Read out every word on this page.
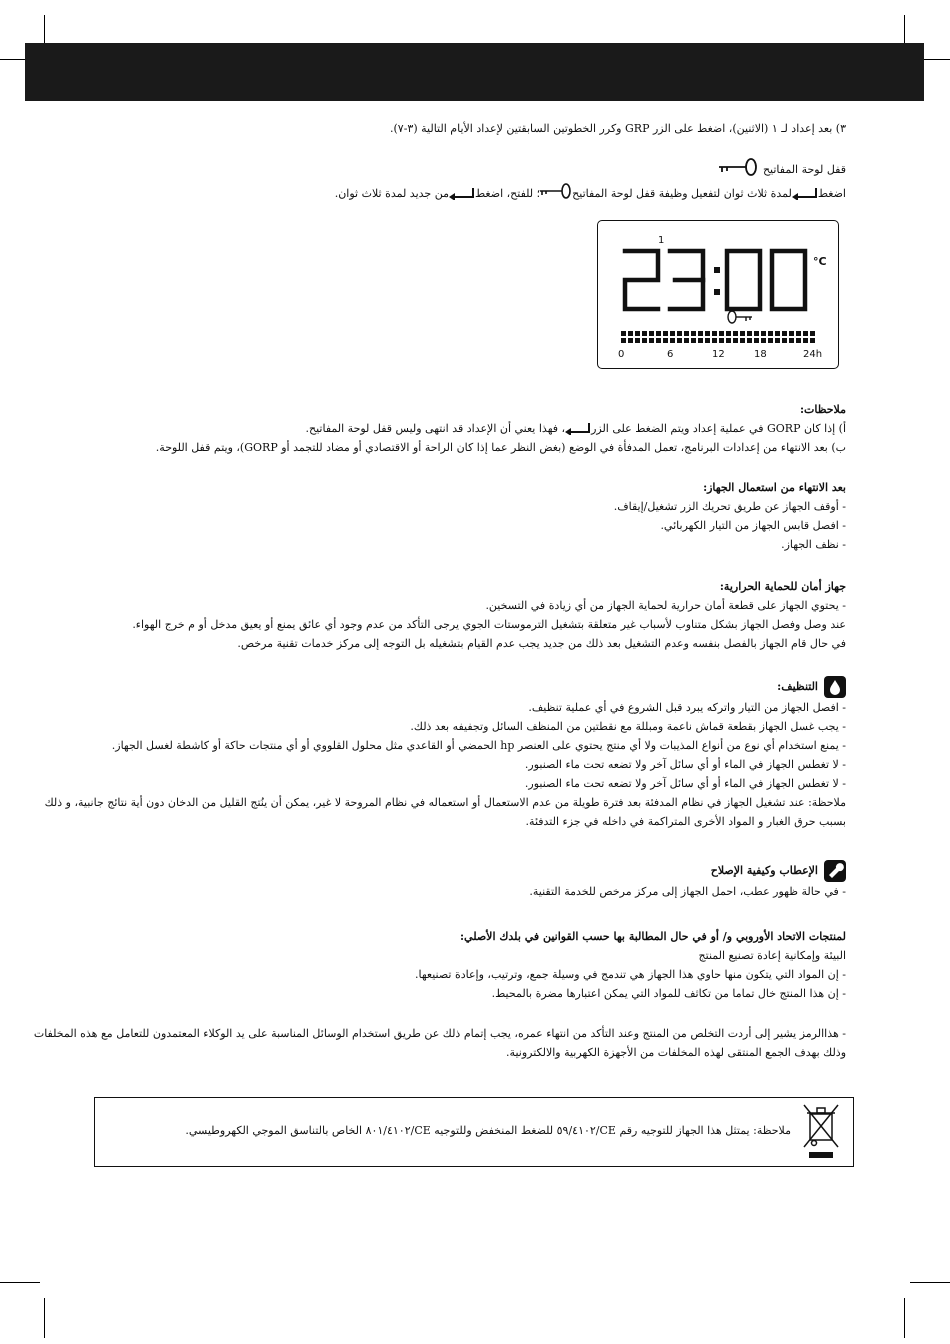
٣) بعد إعداد لـ ١ (الاثنين)، اضغط على الزر GRP وكرر الخطوتين السابقتين لإعداد الأيام التالية (٣-٧).
قفل لوحة المفاتيح
اضغط
لمدة ثلاث ثوان لتفعيل وظيفة قفل لوحة المفاتيح؛ للفتح، اضغط
من جديد لمدة ثلاث ثوان.
1
°C
0	6	12	18	24h
ملاحظات:
أ) إذا كان GORP في عملية إعداد ويتم الضغط على الزر
، فهذا يعني أن الإعداد قد انتهى وليس قفل لوحة المفاتيح.
ب) بعد الانتهاء من إعدادات البرنامج، تعمل المدفأة في الوضع (بغض النظر عما إذا كان الراحة أو الاقتصادي أو مضاد للتجمد أو GORP)، ويتم قفل اللوحة.
بعد الانتهاء من استعمال الجهاز:
- أوقف الجهاز عن طريق تحريك الزر تشغيل/إيقاف.
- افصل قابس الجهاز من التيار الكهربائي.
- نظف الجهاز.
جهاز أمان للحماية الحرارية:
- يحتوي الجهاز على قطعة أمان حرارية لحماية الجهاز من أي زيادة في التسخين.
عند وصل وفصل الجهاز بشكل متناوب لأسباب غير متعلقة بتشغيل الترموستات الجوي يرجى التأكد من عدم وجود أي عائق يمنع أو يعيق مدخل أو م خرج الهواء.
في حال قام الجهاز بالفصل بنفسه وعدم التشغيل بعد ذلك من جديد يجب عدم القيام بتشغيله بل التوجه إلى مركز خدمات تقنية مرخص.
التنظيف:
- افصل الجهاز من التيار واتركه يبرد قبل الشروع في أي عملية تنظيف.
- يجب غسل الجهاز بقطعة قماش ناعمة ومبللة مع نقطتين من المنظف السائل وتجفيفه بعد ذلك.
- يمنع استخدام أي نوع من أنواع المذيبات ولا أي منتج يحتوي على العنصر hp الحمضي أو القاعدي مثل محلول القلووي أو أي منتجات حاكة أو كاشطة لغسل الجهاز.
- لا تغطس الجهاز في الماء أو أي سائل آخر ولا تضعه تحت ماء الصنبور.
- لا تغطس الجهاز في الماء أو أي سائل آخر ولا تضعه تحت ماء الصنبور.
ملاحظة: عند تشغيل الجهاز في نظام المدفئة بعد فترة طويلة من عدم الاستعمال أو استعماله في نظام المروحة لا غير، يمكن أن ينُتج القليل من الدخان دون أية نتائج جانبية، و ذلك
بسبب حرق الغبار و المواد الأخرى المتراكمة في داخله في جزء التدفئة.
الإعطاب وكيفية الإصلاح
- في حالة ظهور عطب، احمل الجهاز إلى مركز مرخص للخدمة التقنية.
لمنتجات الاتحاد الأوروبي و/ أو في حال المطالبة بها حسب القوانين في بلدك الأصلي:
البيئة وإمكانية إعادة تصنيع المنتج
- إن المواد التي يتكون منها حاوي هذا الجهاز هي تندمج في وسيلة جمع، وترتيب، وإعادة تصنيعها.
- إن هذا المنتج خال تماما من تكاثف للمواد التي يمكن اعتبارها مضرة بالمحيط.
- هذاالرمز يشير إلى أردت التخلص من المنتج وعند التأكد من انتهاء عمره، يجب إتمام ذلك عن طريق استخدام الوسائل المناسبة على يد الوكلاء المعتمدون للتعامل مع هذه المخلفات
وذلك بهدف الجمع المنتقى لهذه المخلفات من الأجهزة الكهربية والالكترونية.
ملاحظة: يمتثل هذا الجهاز للتوجيه رقم CE/٥٩/٤١٠٢ للضغط المنخفض وللتوجيه CE/٨٠١/٤١٠٢ الخاص بالتناسق الموجي الكهروطيسي.
